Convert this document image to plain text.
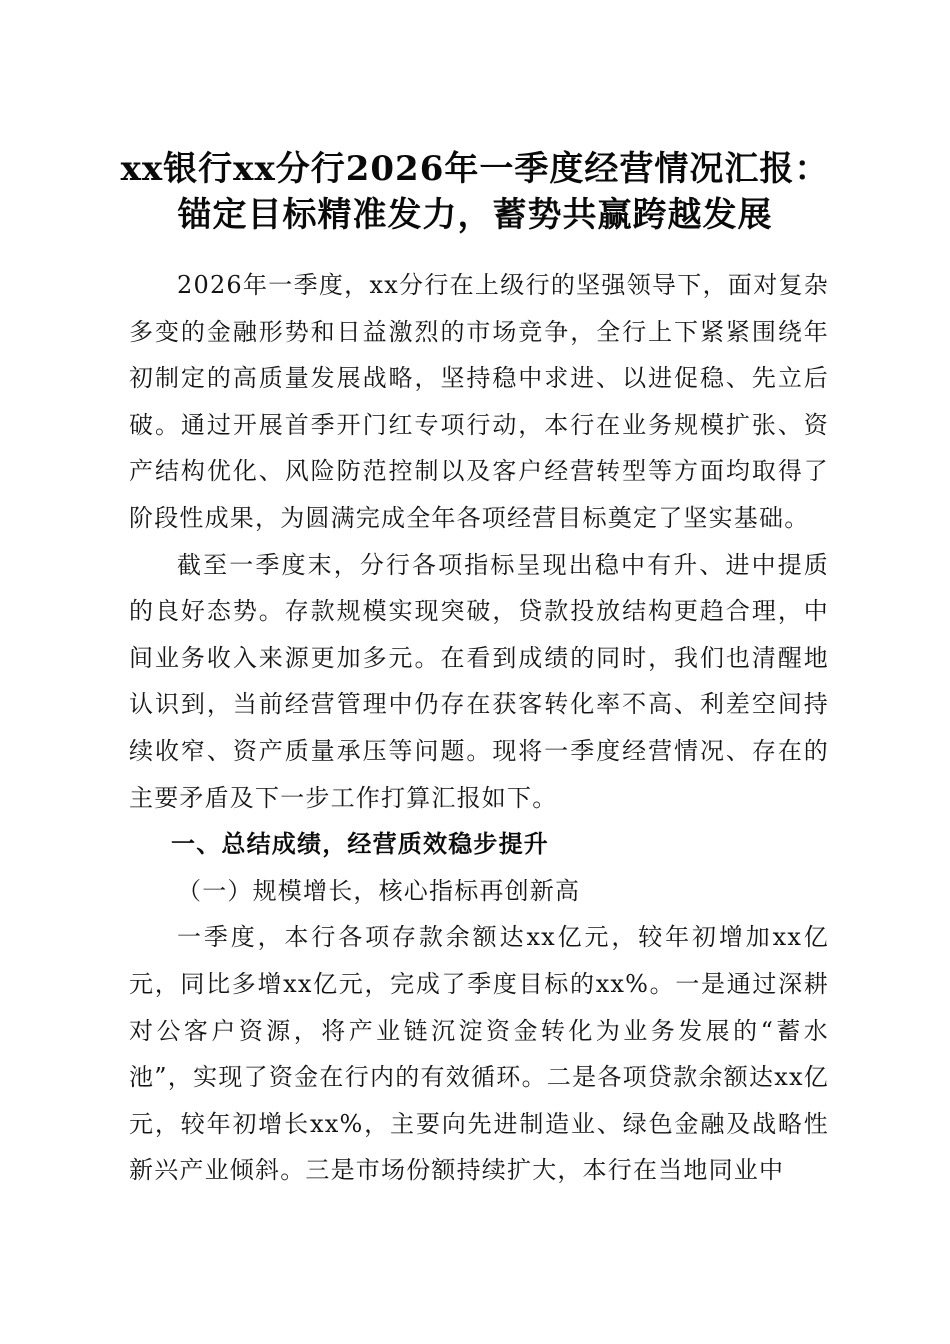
xx银行xx分行2026年一季度经营情况汇报：
锚定目标精准发力，蓄势共赢跨越发展

2026年一季度，xx分行在上级行的坚强领导下，面对复杂多变的金融形势和日益激烈的市场竞争，全行上下紧紧围绕年初制定的高质量发展战略，坚持稳中求进、以进促稳、先立后破。通过开展首季开门红专项行动，本行在业务规模扩张、资产结构优化、风险防范控制以及客户经营转型等方面均取得了阶段性成果，为圆满完成全年各项经营目标奠定了坚实基础。

截至一季度末，分行各项指标呈现出稳中有升、进中提质的良好态势。存款规模实现突破，贷款投放结构更趋合理，中间业务收入来源更加多元。在看到成绩的同时，我们也清醒地认识到，当前经营管理中仍存在获客转化率不高、利差空间持续收窄、资产质量承压等问题。现将一季度经营情况、存在的主要矛盾及下一步工作打算汇报如下。

一、总结成绩，经营质效稳步提升

（一）规模增长，核心指标再创新高

一季度，本行各项存款余额达xx亿元，较年初增加xx亿元，同比多增xx亿元，完成了季度目标的xx%。一是通过深耕对公客户资源，将产业链沉淀资金转化为业务发展的“蓄水池”，实现了资金在行内的有效循环。二是各项贷款余额达xx亿元，较年初增长xx%，主要向先进制造业、绿色金融及战略性新兴产业倾斜。三是市场份额持续扩大，本行在当地同业中
